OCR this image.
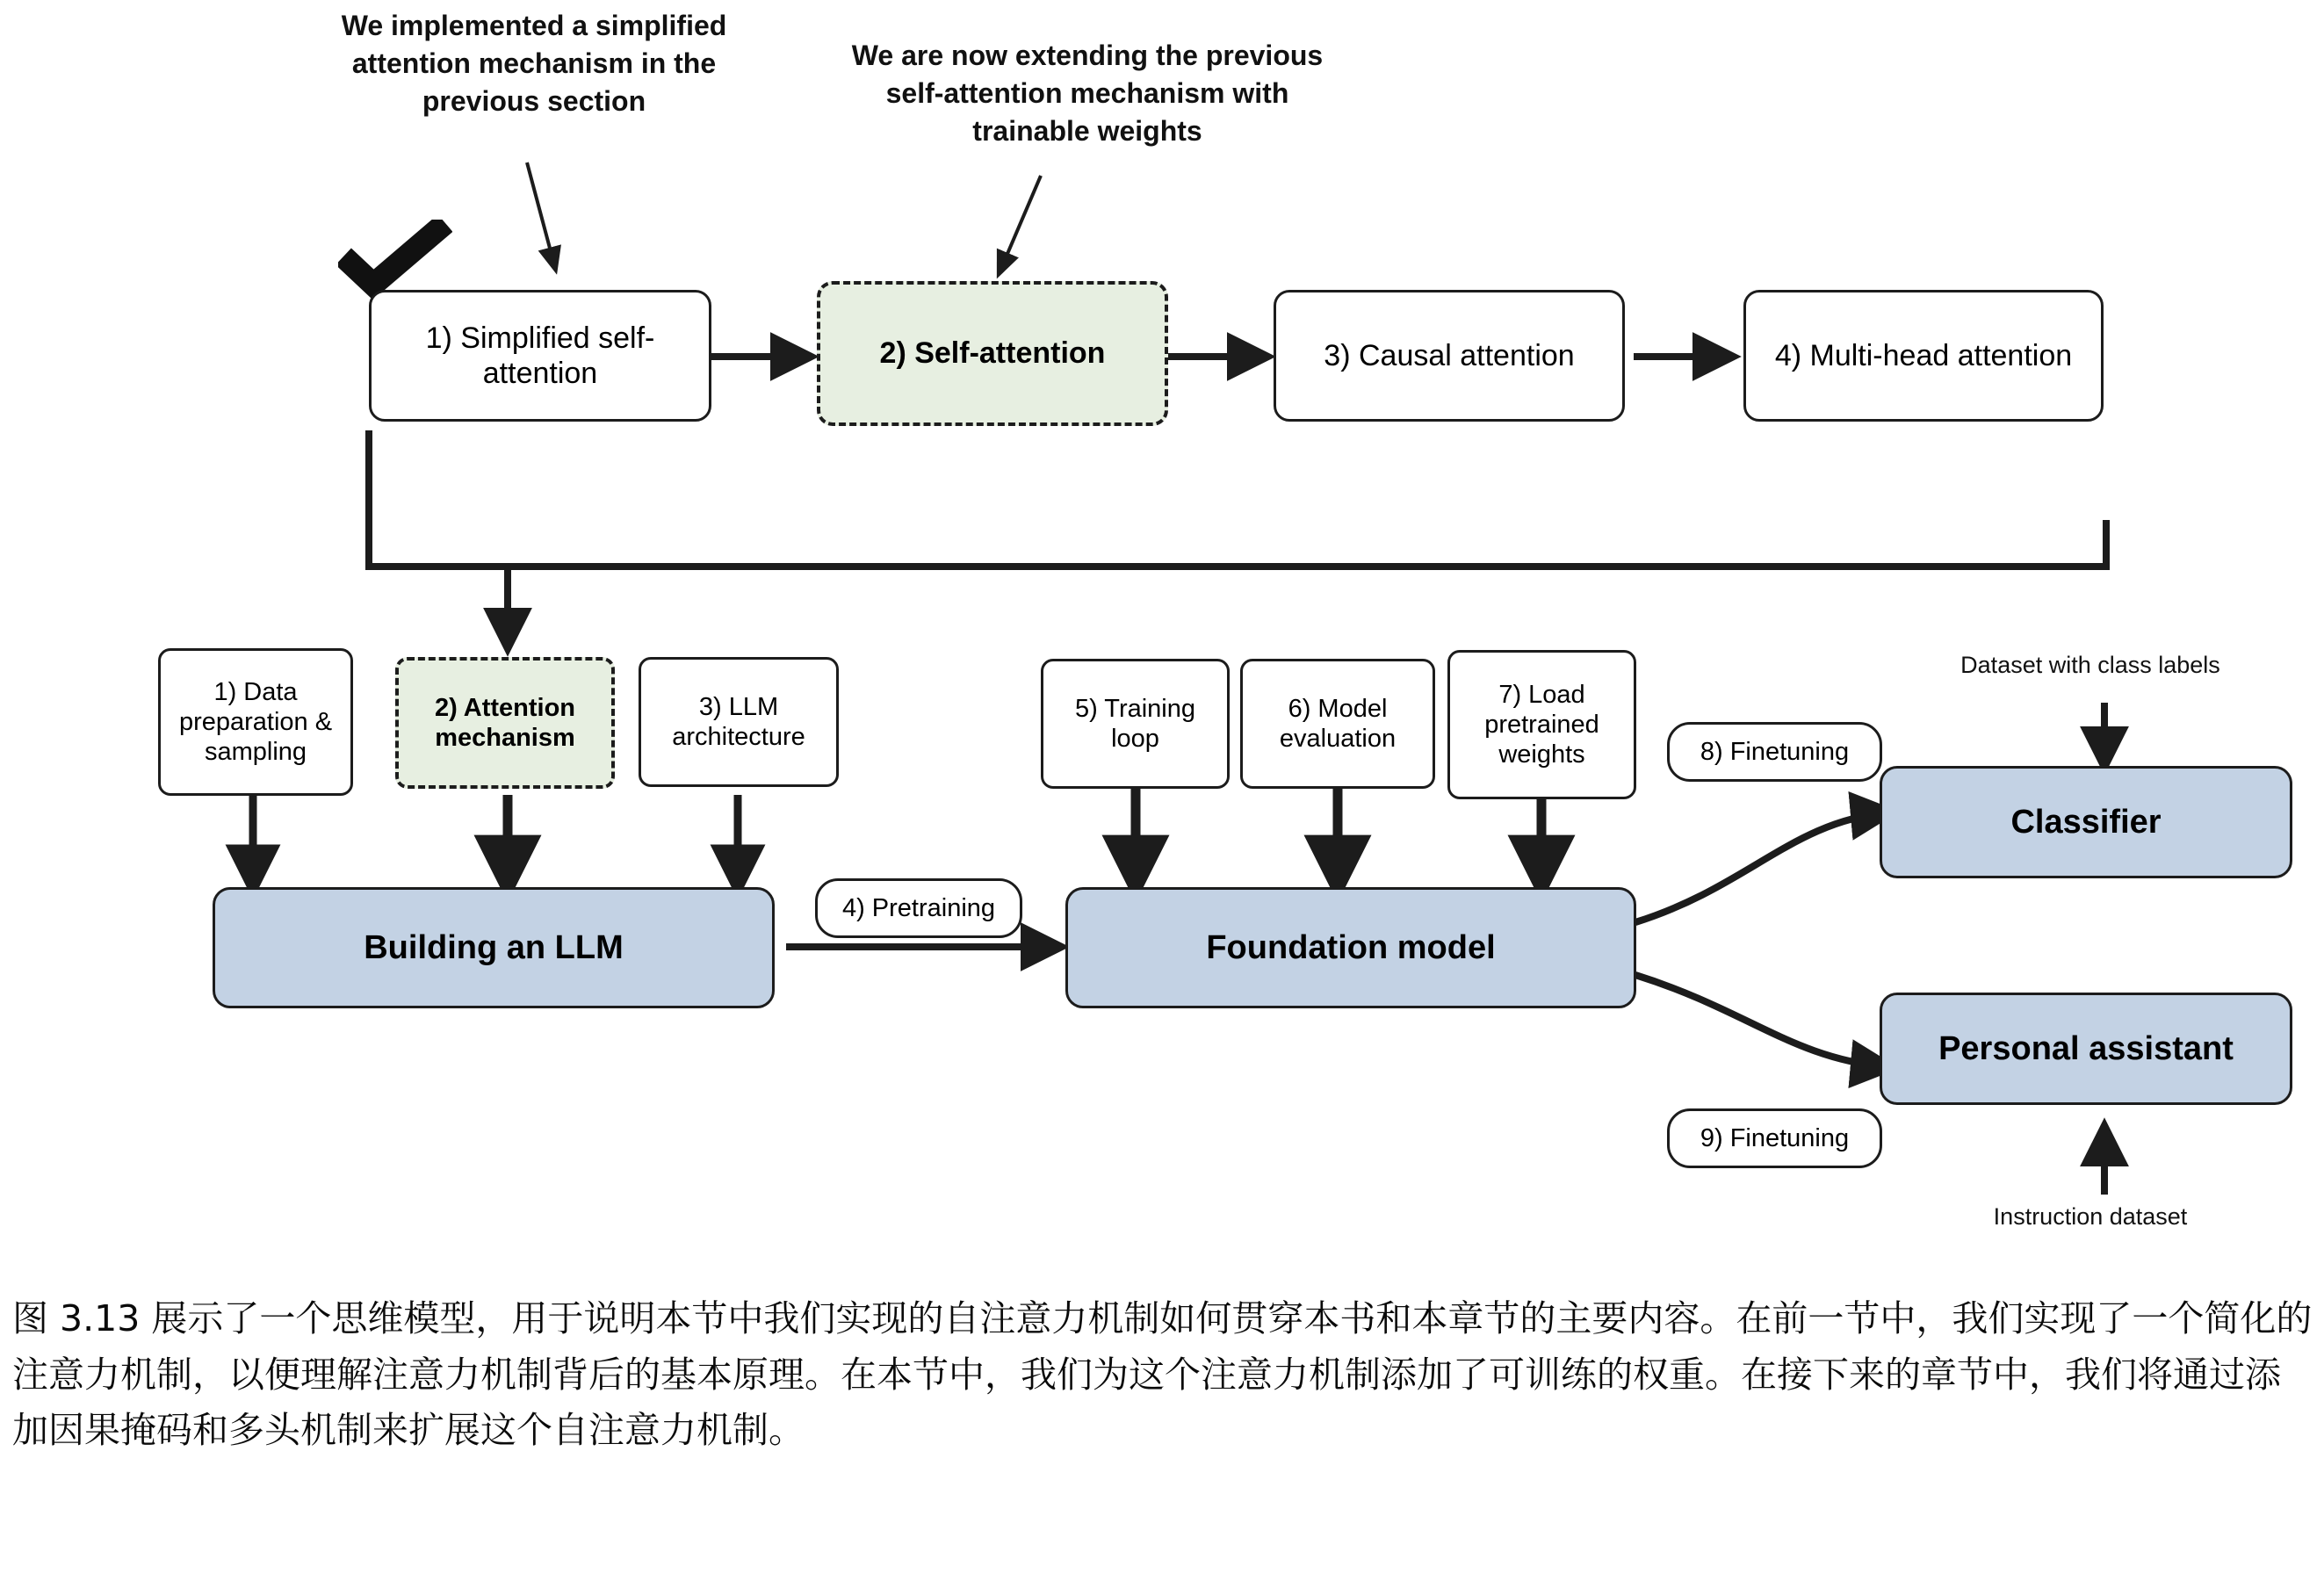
We implemented a simplified attention mechanism in the previous section
We are now extending the previous self-attention mechanism with trainable weights
1) Simplified self-attention
2) Self-attention	3) Causal attention	4) Multi-head attention
1) Data preparation & sampling
2) Attention mechanism
3) LLM architecture
5) Training loop
6) Model evaluation
7) Load pretrained weights
4) Pretraining
8) Finetuning
9) Finetuning
Building an LLM	Foundation model
Classifier
Personal assistant
Dataset with class labels
Instruction dataset
图 3.13 展示了一个思维模型，用于说明本节中我们实现的自注意力机制如何贯穿本书和本章节的主要内容。在前一节中，我们实现了一个简化的注意力机制，以便理解注意力机制背后的基本原理。在本节中，我们为这个注意力机制添加了可训练的权重。在接下来的章节中，我们将通过添加因果掩码和多头机制来扩展这个自注意力机制。
